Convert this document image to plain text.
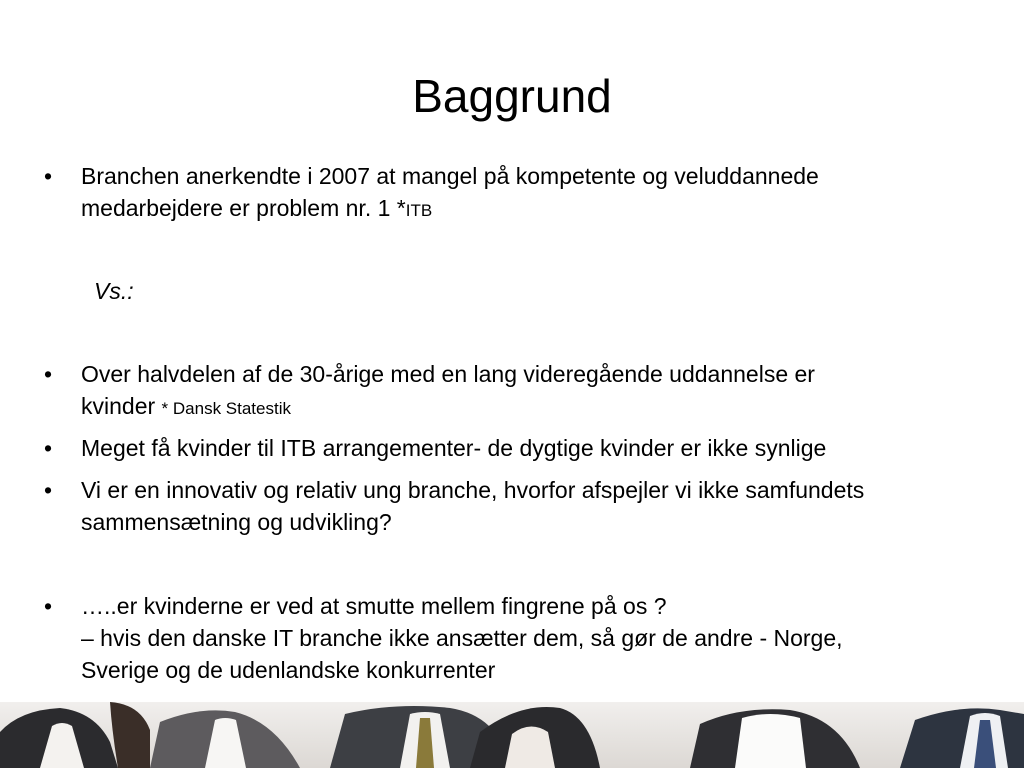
Baggrund
•	Branchen anerkendte i 2007 at mangel på kompetente og veluddannede
medarbejdere er problem nr. 1 *ITB
Vs.:
•	Over halvdelen af de 30-årige med en lang videregående uddannelse er
kvinder * Dansk Statestik
•	Meget få kvinder til ITB arrangementer- de dygtige kvinder er ikke synlige
•	Vi er en innovativ og relativ ung branche, hvorfor afspejler vi ikke samfundets
sammensætning og udvikling?
•	…..er kvinderne er ved at smutte mellem fingrene på os ?
– hvis den danske IT branche ikke ansætter dem, så gør de andre - Norge,
Sverige og de udenlandske konkurrenter
